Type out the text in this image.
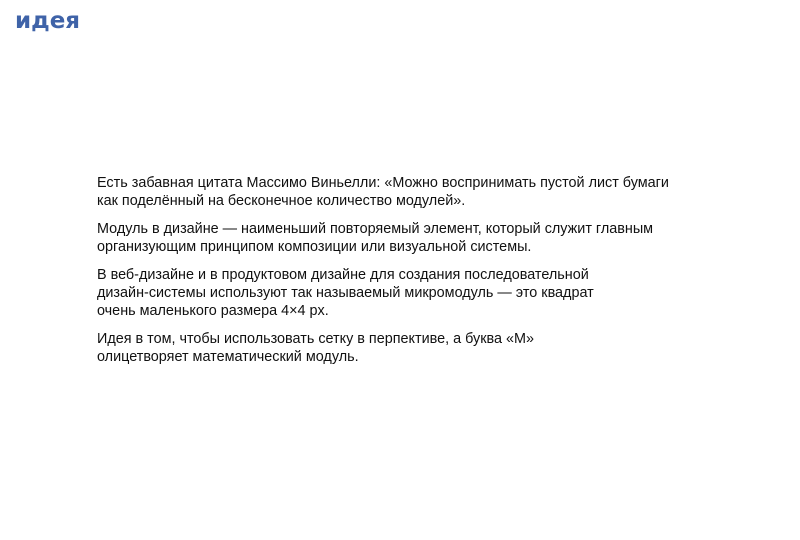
идея

Есть забавная цитата Массимо Виньелли: «Можно воспринимать пустой лист бумаги
как поделённый на бесконечное количество модулей».

Модуль в дизайне — наименьший повторяемый элемент, который служит главным
организующим принципом композиции или визуальной системы.

В веб-дизайне и в продуктовом дизайне для создания последовательной
дизайн-системы используют так называемый микромодуль — это квадрат
очень маленького размера 4×4 px.

Идея в том, чтобы использовать сетку в перпективе, а буква «М»
олицетворяет математический модуль.
